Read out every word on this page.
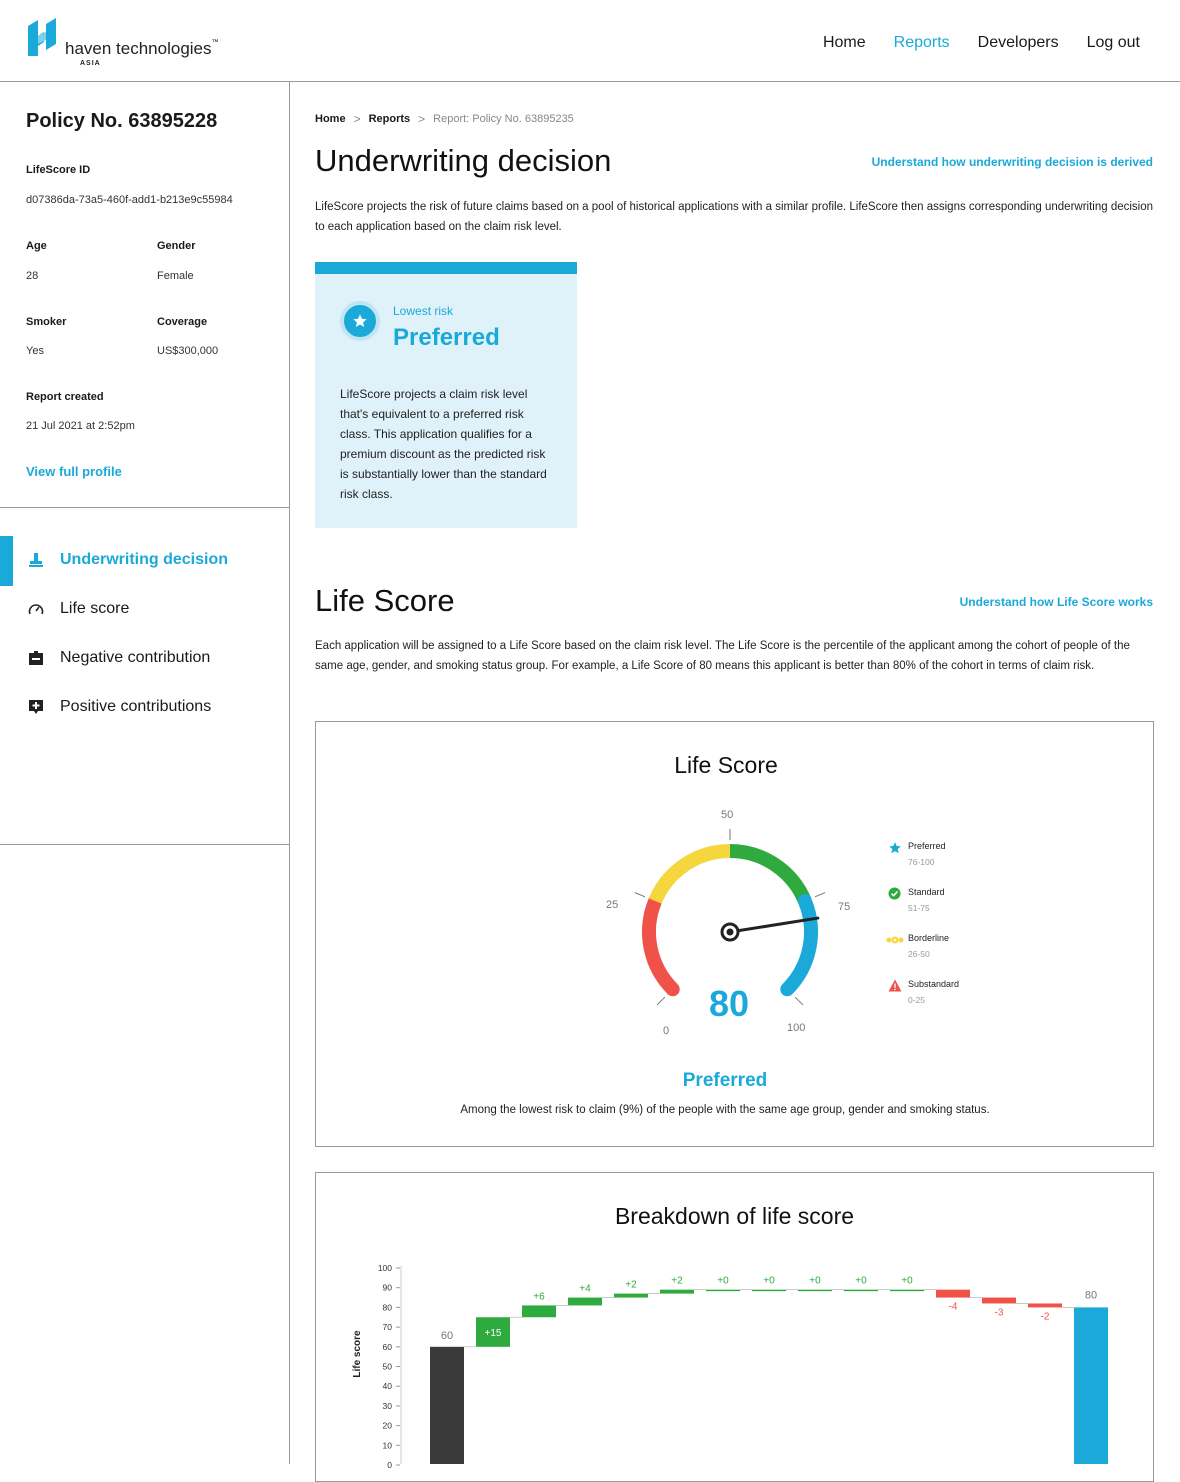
haven technologies™
ASIA
Home Reports Developers Log out
Policy No. 63895228
LifeScore ID
d07386da-73a5-460f-add1-b213e9c55984
Age
28
Gender
Female
Smoker
Yes
Coverage
US$300,000
Report created
21 Jul 2021 at 2:52pm
View full profile
Underwriting decision
Life score
Negative contribution
Positive contributions
Home > Reports > Report: Policy No. 63895235
Underwriting decision	Understand how underwriting decision is derived
LifeScore projects the risk of future claims based on a pool of historical applications with a similar profile. LifeScore then assigns corresponding underwriting decision to each application based on the claim risk level.
Lowest risk
Preferred
LifeScore projects a claim risk level that's equivalent to a preferred risk class. This application qualifies for a premium discount as the predicted risk is substantially lower than the standard risk class.
Life Score	Understand how Life Score works
Each application will be assigned to a Life Score based on the claim risk level. The Life Score is the percentile of the applicant among the cohort of people of the same age, gender, and smoking status group. For example, a Life Score of 80 means this applicant is better than 80% of the cohort in terms of claim risk.
Life Score
50
25	75
0	100
80
Preferred
76-100
Standard
51-75
Borderline
26-50
Substandard
0-25
Preferred
Among the lowest risk to claim (9%) of the people with the same age group, gender and smoking status.
Breakdown of life score
Life score
0
10
20
30
40
50
60
70
80
90
100
60	+15
+6
+4	+2	+2	+0	+0	+0	+0	+0
-4
-3	-2
80
